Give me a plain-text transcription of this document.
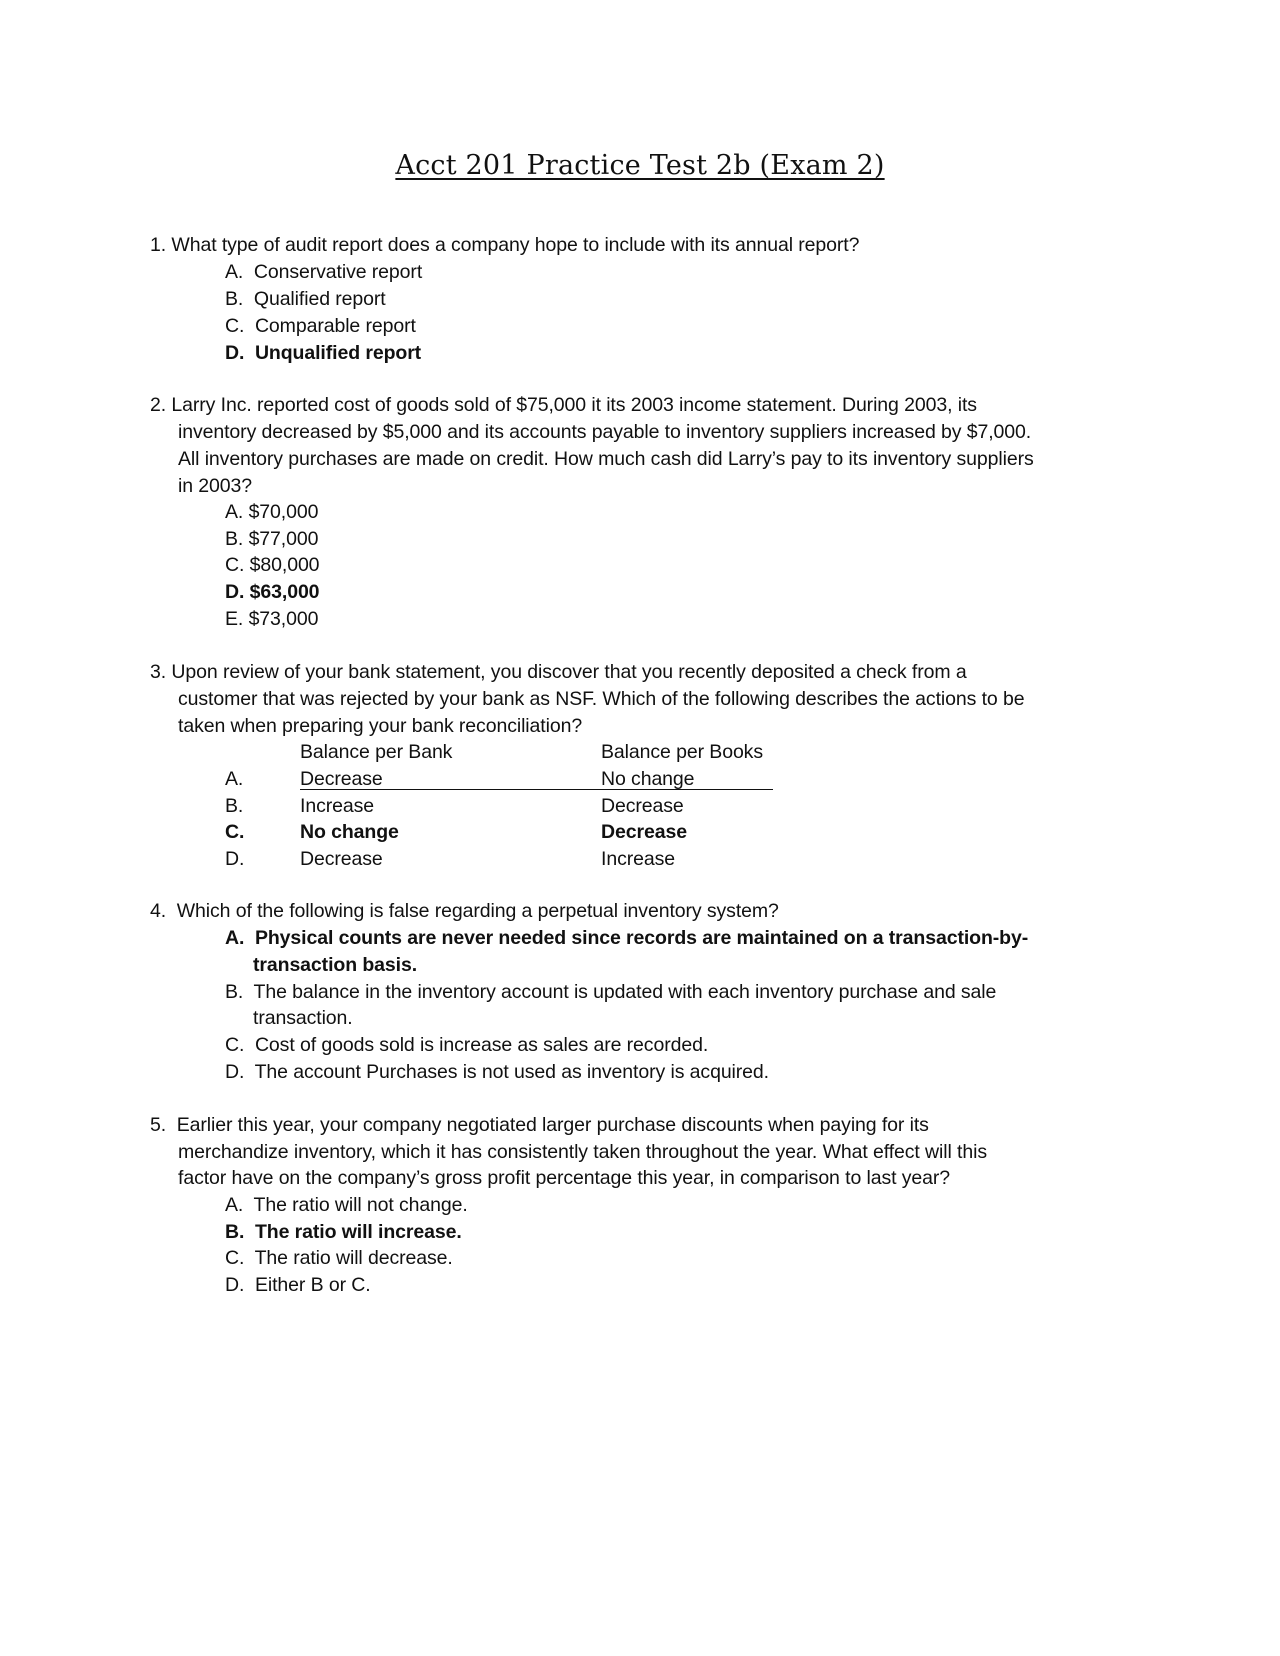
Acct 201 Practice Test 2b (Exam 2)
1. What type of audit report does a company hope to include with its annual report?
A. Conservative report
B. Qualified report
C. Comparable report
D. Unqualified report
2. Larry Inc. reported cost of goods sold of $75,000 it its 2003 income statement. During 2003, its
inventory decreased by $5,000 and its accounts payable to inventory suppliers increased by $7,000.
All inventory purchases are made on credit. How much cash did Larry’s pay to its inventory suppliers
in 2003?
A. $70,000
B. $77,000
C. $80,000
D. $63,000
E. $73,000
3. Upon review of your bank statement, you discover that you recently deposited a check from a
customer that was rejected by your bank as NSF. Which of the following describes the actions to be
taken when preparing your bank reconciliation?
Balance per Bank	Balance per Books
A.	Decrease	No change
B.	Increase	Decrease
C.	No change	Decrease
D.	Decrease	Increase
4. Which of the following is false regarding a perpetual inventory system?
A. Physical counts are never needed since records are maintained on a transaction-by-
transaction basis.
B. The balance in the inventory account is updated with each inventory purchase and sale
transaction.
C. Cost of goods sold is increase as sales are recorded.
D. The account Purchases is not used as inventory is acquired.
5. Earlier this year, your company negotiated larger purchase discounts when paying for its
merchandize inventory, which it has consistently taken throughout the year. What effect will this
factor have on the company’s gross profit percentage this year, in comparison to last year?
A. The ratio will not change.
B. The ratio will increase.
C. The ratio will decrease.
D. Either B or C.
